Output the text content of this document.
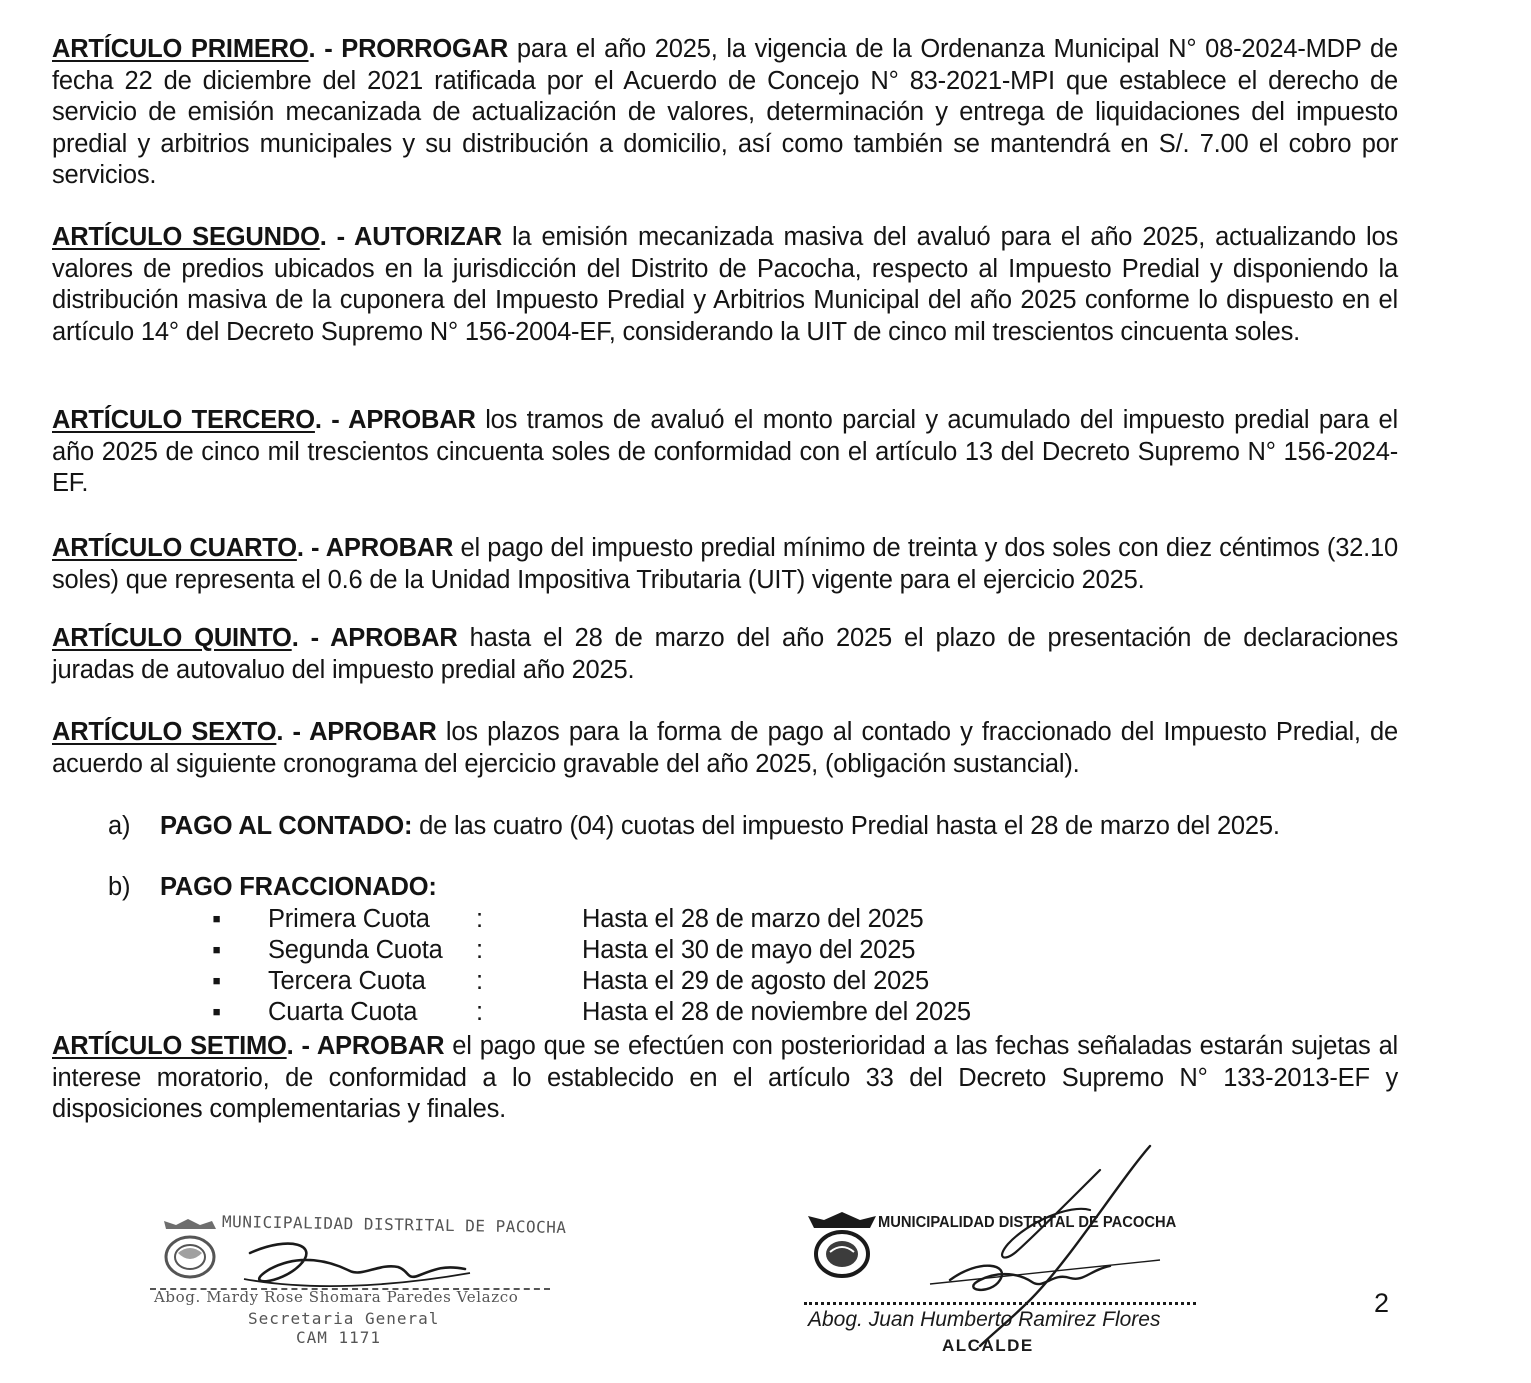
ARTÍCULO PRIMERO. - PRORROGAR para el año 2025, la vigencia de la Ordenanza Municipal N° 08-2024-MDP de fecha 22 de diciembre del 2021 ratificada por el Acuerdo de Concejo N° 83-2021-MPI que establece el derecho de servicio de emisión mecanizada de actualización de valores, determinación y entrega de liquidaciones del impuesto predial y arbitrios municipales y su distribución a domicilio, así como también se mantendrá en S/. 7.00 el cobro por servicios.
ARTÍCULO SEGUNDO. - AUTORIZAR la emisión mecanizada masiva del avaluó para el año 2025, actualizando los valores de predios ubicados en la jurisdicción del Distrito de Pacocha, respecto al Impuesto Predial y disponiendo la distribución masiva de la cuponera del Impuesto Predial y Arbitrios Municipal del año 2025 conforme lo dispuesto en el artículo 14° del Decreto Supremo N° 156-2004-EF, considerando la UIT de cinco mil trescientos cincuenta soles.
ARTÍCULO TERCERO. - APROBAR los tramos de avaluó el monto parcial y acumulado del impuesto predial para el año 2025 de cinco mil trescientos cincuenta soles de conformidad con el artículo 13 del Decreto Supremo N° 156-2024-EF.
ARTÍCULO CUARTO. - APROBAR el pago del impuesto predial mínimo de treinta y dos soles con diez céntimos (32.10 soles) que representa el 0.6 de la Unidad Impositiva Tributaria (UIT) vigente para el ejercicio 2025.
ARTÍCULO QUINTO. - APROBAR hasta el 28 de marzo del año 2025 el plazo de presentación de declaraciones juradas de autovaluo del impuesto predial año 2025.
ARTÍCULO SEXTO. - APROBAR los plazos para la forma de pago al contado y fraccionado del Impuesto Predial, de acuerdo al siguiente cronograma del ejercicio gravable del año 2025, (obligación sustancial).
a) PAGO AL CONTADO: de las cuatro (04) cuotas del impuesto Predial hasta el 28 de marzo del 2025.
b) PAGO FRACCIONADO:
▪ Primera Cuota :	Hasta el 28 de marzo del 2025
▪ Segunda Cuota :	Hasta el 30 de mayo del 2025
▪ Tercera Cuota :	Hasta el 29 de agosto del 2025
▪ Cuarta Cuota :	Hasta el 28 de noviembre del 2025
ARTÍCULO SETIMO. - APROBAR el pago que se efectúen con posterioridad a las fechas señaladas estarán sujetas al interese moratorio, de conformidad a lo establecido en el artículo 33 del Decreto Supremo N° 133-2013-EF y disposiciones complementarias y finales.
MUNICIPALIDAD DISTRITAL DE PACOCHA
Abog. Mardy Rose Shomara Paredes Velazco
Secretaria General
CAM 1171
MUNICIPALIDAD DISTRITAL DE PACOCHA
Abog. Juan Humberto Ramirez Flores
ALCALDE
2
